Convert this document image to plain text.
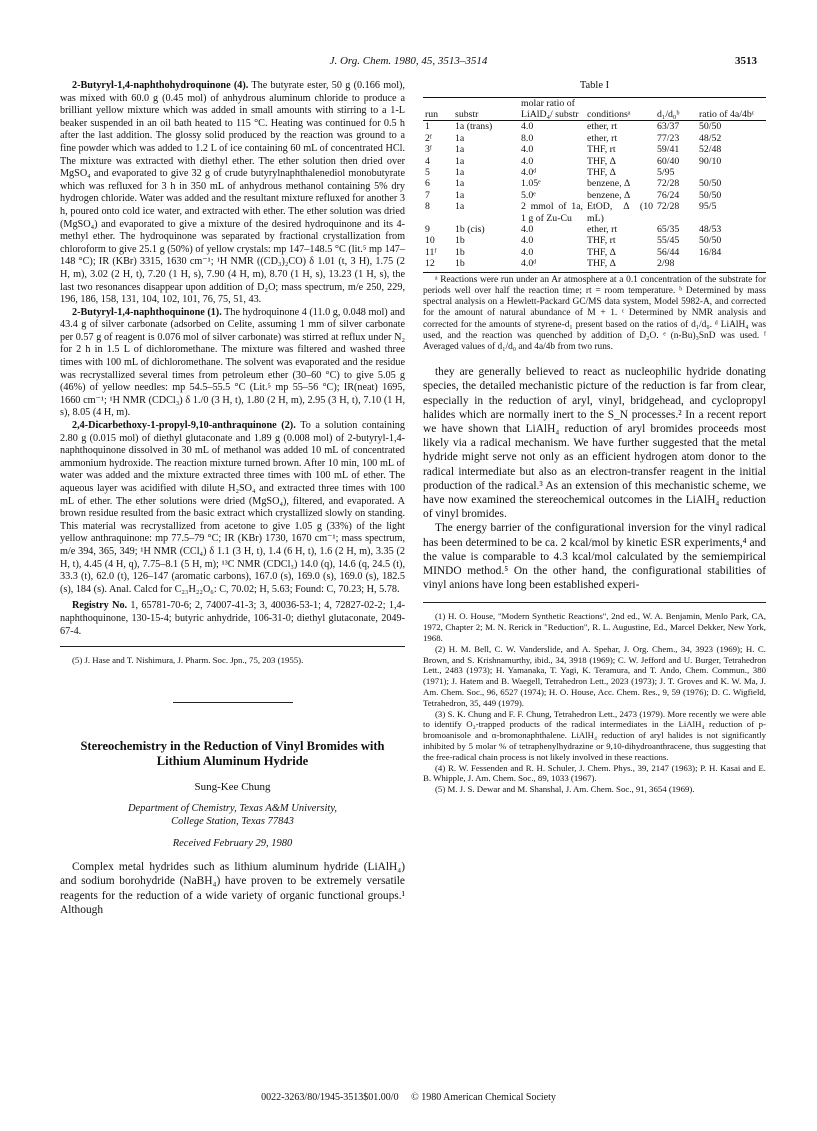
J. Org. Chem. 1980, 45, 3513–3514	3513

2-Butyryl-1,4-naphthohydroquinone (4). The butyrate ester, 50 g (0.166 mol), was mixed with 60.0 g (0.45 mol) of anhydrous aluminum chloride to produce a brilliant yellow mixture which was added in small amounts with stirring to a 1-L beaker suspended in an oil bath heated to 115 °C. Heating was continued for 0.5 h after the last addition. The glossy solid produced by the reaction was ground to a fine powder which was added to 1.2 L of ice containing 60 mL of concentrated HCl. The mixture was extracted with diethyl ether. The ether solution then dried over MgSO₄ and evaporated to give 32 g of crude butyrylnaphthalenediol monobutyrate which was refluxed for 3 h in 350 mL of anhydrous methanol containing 5% dry hydrogen chloride. Water was added and the resultant mixture refluxed for another 3 h, poured onto cold ice water, and extracted with ether. The ether solution was dried (MgSO₄) and evaporated to give a mixture of the desired hydroquinone and its 4-methyl ether. The hydroquinone was separated by fractional crystallization from chloroform to give 25.1 g (50%) of yellow crystals: mp 147–148.5 °C (lit.⁵ mp 147–148 °C); IR (KBr) 3315, 1630 cm⁻¹; ¹H NMR ((CD₃)₂CO) δ 1.01 (t, 3 H), 1.75 (2 H, m), 3.02 (2 H, t), 7.20 (1 H, s), 7.90 (4 H, m), 8.70 (1 H, s), 13.23 (1 H, s), the last two resonances disappear upon addition of D₂O; mass spectrum, m/e 250, 229, 196, 186, 158, 131, 104, 102, 101, 76, 75, 51, 43.

2-Butyryl-1,4-naphthoquinone (1). The hydroquinone 4 (11.0 g, 0.048 mol) and 43.4 g of silver carbonate (adsorbed on Celite, assuming 1 mm of silver carbonate per 0.57 g of reagent is 0.076 mol of silver carbonate) was stirred at reflux under N₂ for 2 h in 1.5 L of dichloromethane. The mixture was filtered and washed three times with 100 mL of dichloromethane. The solvent was evaporated and the residue was recrystallized several times from petroleum ether (30–60 °C) to give 5.05 g (46%) of yellow needles: mp 54.5–55.5 °C (Lit.⁵ mp 55–56 °C); IR(neat) 1695, 1660 cm⁻¹; ¹H NMR (CDCl₃) δ 1./0 (3 H, t), 1.80 (2 H, m), 2.95 (3 H, t), 7.10 (1 H, s), 8.05 (4 H, m).

2,4-Dicarbethoxy-1-propyl-9,10-anthraquinone (2). To a solution containing 2.80 g (0.015 mol) of diethyl glutaconate and 1.89 g (0.008 mol) of 2-butyryl-1,4-naphthoquinone dissolved in 30 mL of methanol was added 10 mL of concentrated ammonium hydroxide. The reaction mixture turned brown. After 10 min, 100 mL of water was added and the mixture extracted three times with 100 mL of ether. The aqueous layer was acidified with dilute H₂SO₄ and extracted three times with 100 mL of ether. The ether solutions were dried (MgSO₄), filtered, and evaporated. A brown residue resulted from the basic extract which crystallized slowly on standing. This material was recrystallized from acetone to give 1.05 g (33%) of the light yellow anthraquinone: mp 77.5–79 °C; IR (KBr) 1730, 1670 cm⁻¹; mass spectrum, m/e 394, 365, 349; ¹H NMR (CCl₄) δ 1.1 (3 H, t), 1.4 (6 H, t), 1.6 (2 H, m), 3.35 (2 H, t), 4.45 (4 H, q), 7.75–8.1 (5 H, m); ¹³C NMR (CDCl₃) 14.0 (q), 14.6 (q, 24.5 (t), 33.3 (t), 62.0 (t), 126–147 (aromatic carbons), 167.0 (s), 169.0 (s), 169.0 (s), 182.5 (s), 184 (s). Anal. Calcd for C₂₃H₂₂O₆: C, 70.02; H, 5.63; Found: C, 70.23; H, 5.78.

Registry No. 1, 65781-70-6; 2, 74007-41-3; 3, 40036-53-1; 4, 72827-02-2; 1,4-naphthoquinone, 130-15-4; butyric anhydride, 106-31-0; diethyl glutaconate, 2049-67-4.

(5) J. Hase and T. Nishimura, J. Pharm. Soc. Jpn., 75, 203 (1955).

Stereochemistry in the Reduction of Vinyl Bromides with Lithium Aluminum Hydride
Sung-Kee Chung
Department of Chemistry, Texas A&M University,
College Station, Texas 77843
Received February 29, 1980

Complex metal hydrides such as lithium aluminum hydride (LiAlH₄) and sodium borohydride (NaBH₄) have proven to be extremely versatile reagents for the reduction of a wide variety of organic functional groups.¹ Although

Table I
run	substr	molar ratio of LiAlD₄/ substr	conditionsᵃ	d₁/d₀ᵇ	ratio of 4a/4bᶜ
1	1a (trans)	4.0	ether, rt	63/37	50/50
2ᶠ	1a	8.0	ether, rt	77/23	48/52
3ᶠ	1a	4.0	THF, rt	59/41	52/48
4	1a	4.0	THF, Δ	60/40	90/10
5	1a	4.0ᵈ	THF, Δ	5/95	
6	1a	1.05ᵉ	benzene, Δ	72/28	50/50
7	1a	5.0ᵉ	benzene, Δ	76/24	50/50
8	1a	2 mmol of 1a, 1 g of Zu-Cu	EtOD, Δ (10 mL)	72/28	95/5
9	1b (cis)	4.0	ether, rt	65/35	48/53
10	1b	4.0	THF, rt	55/45	50/50
11ᶠ	1b	4.0	THF, Δ	56/44	16/84
12	1b	4.0ᵈ	THF, Δ	2/98	

ᵃ Reactions were run under an Ar atmosphere at a 0.1 concentration of the substrate for periods well over half the reaction time; rt = room temperature. ᵇ Determined by mass spectral analysis on a Hewlett-Packard GC/MS data system, Model 5982-A, and corrected for the amount of natural abundance of M + 1. ᶜ Determined by NMR analysis and corrected for the amounts of styrene-d₁ present based on the ratios of d₁/d₀. ᵈ LiAlH₄ was used, and the reaction was quenched by addition of D₂O. ᵉ (n-Bu)₃SnD was used. ᶠ Averaged values of d₁/d₀ and 4a/4b from two runs.

they are generally believed to react as nucleophilic hydride donating species, the detailed mechanistic picture of the reduction is far from clear, especially in the reduction of aryl, vinyl, bridgehead, and cyclopropyl halides which are normally inert to the S_N processes.² In a recent report we have shown that LiAlH₄ reduction of aryl bromides proceeds most likely via a radical mechanism. We have further suggested that the metal hydride might serve not only as an efficient hydrogen atom donor to the radical intermediate but also as an electron-transfer reagent in the initial production of the radical.³ As an extension of this mechanistic scheme, we have now examined the stereochemical outcomes in the LiAlH₄ reduction of vinyl bromides.

The energy barrier of the configurational inversion for the vinyl radical has been determined to be ca. 2 kcal/mol by kinetic ESR experiments,⁴ and the value is comparable to 4.3 kcal/mol calculated by the semiempirical MINDO method.⁵ On the other hand, the configurational stabilities of vinyl anions have long been established experi-

(1) H. O. House, "Modern Synthetic Reactions", 2nd ed., W. A. Benjamin, Menlo Park, CA, 1972, Chapter 2; M. N. Rerick in "Reduction", R. L. Augustine, Ed., Marcel Dekker, New York, 1968.

(2) H. M. Bell, C. W. Vanderslide, and A. Spehar, J. Org. Chem., 34, 3923 (1969); H. C. Brown, and S. Krishnamurthy, ibid., 34, 3918 (1969); C. W. Jefford and U. Burger, Tetrahedron Lett., 2483 (1973); H. Yamanaka, T. Yagi, K. Teramura, and T. Ando, Chem. Commun., 380 (1971); J. Hatem and B. Waegell, Tetrahedron Lett., 2023 (1973); J. T. Groves and K. W. Ma, J. Am. Chem. Soc., 96, 6527 (1974); H. O. House, Acc. Chem. Res., 9, 59 (1976); D. C. Wigfield, Tetrahedron, 35, 449 (1979).

(3) S. K. Chung and F. F. Chung, Tetrahedron Lett., 2473 (1979). More recently we were able to identify O₂-trapped products of the radical intermediates in the LiAlH₄ reduction of p-bromoanisole and α-bromonaphthalene. LiAlH₄ reduction of aryl halides is not significantly inhibited by 5 molar % of tetraphenylhydrazine or 9,10-dihydroanthracene, thus suggesting that the free-radical chain process is not likely involved in these reactions.

(4) R. W. Fessenden and R. H. Schuler, J. Chem. Phys., 39, 2147 (1963); P. H. Kasai and E. B. Whipple, J. Am. Chem. Soc., 89, 1033 (1967).

(5) M. J. S. Dewar and M. Shanshal, J. Am. Chem. Soc., 91, 3654 (1969).

0022-3263/80/1945-3513$01.00/0 © 1980 American Chemical Society
